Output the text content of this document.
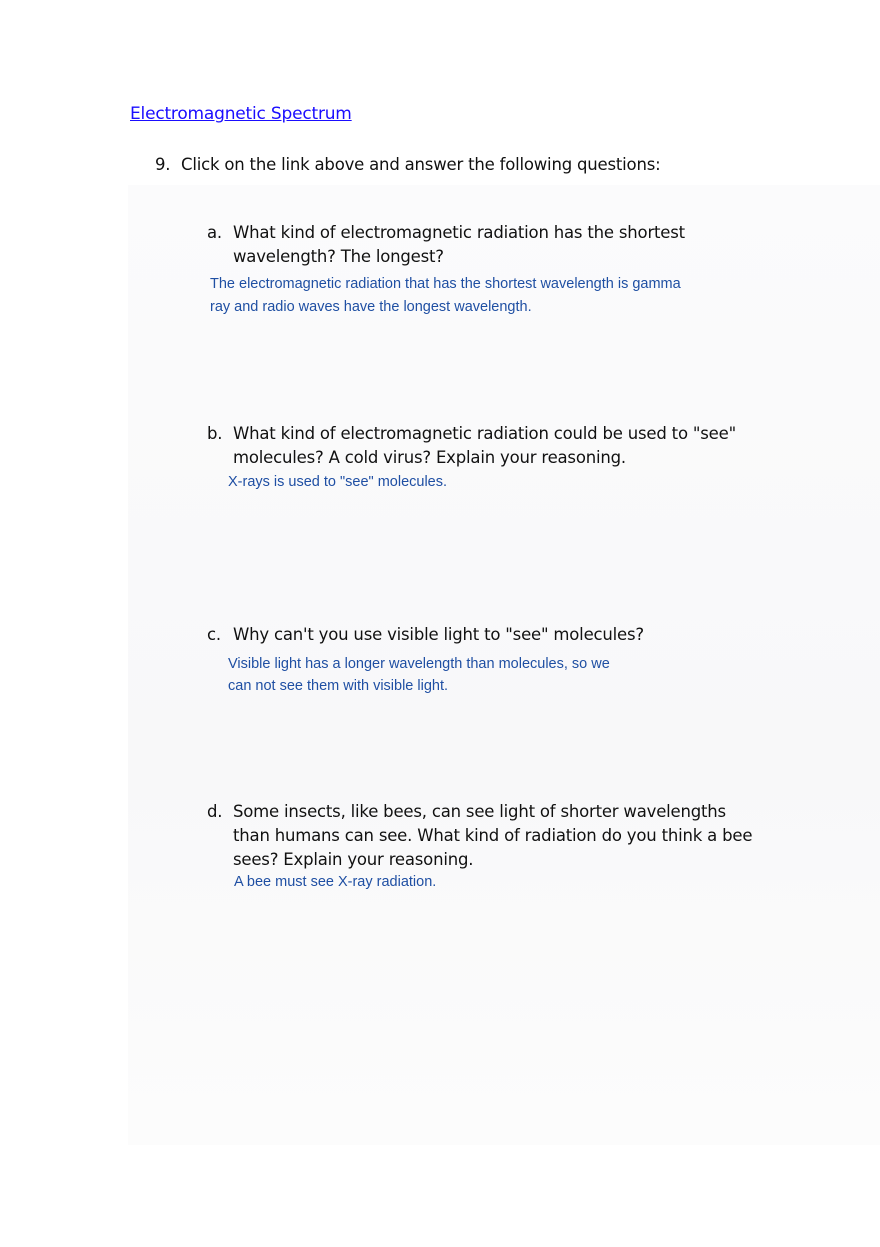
Electromagnetic Spectrum
9. Click on the link above and answer the following questions:
a. What kind of electromagnetic radiation has the shortest
wavelength? The longest?
The electromagnetic radiation that has the shortest wavelength is gamma
ray and radio waves have the longest wavelength.
b. What kind of electromagnetic radiation could be used to "see"
molecules? A cold virus? Explain your reasoning.
X-rays is used to "see" molecules.
c. Why can't you use visible light to "see" molecules?
Visible light has a longer wavelength than molecules, so we
can not see them with visible light.
d. Some insects, like bees, can see light of shorter wavelengths
than humans can see. What kind of radiation do you think a bee
sees? Explain your reasoning.
A bee must see X-ray radiation.
